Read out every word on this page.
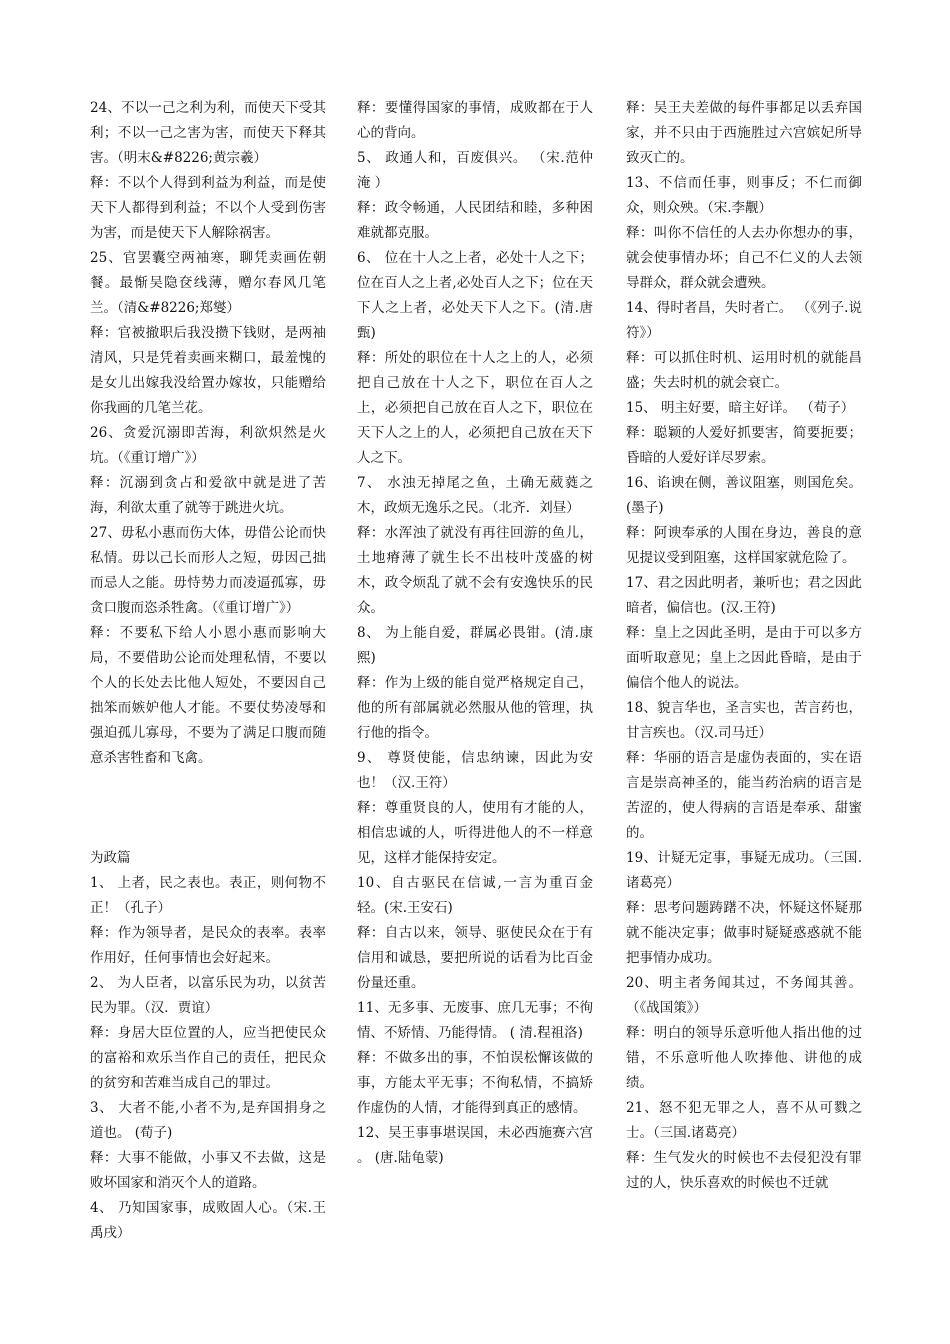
24、不以一己之利为利，而使天下受其利；不以一己之害为害，而使天下释其害。（明末&#8226;黄宗羲）

释：不以个人得到利益为利益，而是使天下人都得到利益；不以个人受到伤害为害，而是使天下人解除祸害。

25、官罢囊空两袖寒，聊凭卖画佐朝餐。最惭吴隐奁线薄，赠尔春风几笔兰。（清&#8226;郑燮）

释：官被撤职后我没攒下钱财，是两袖清风，只是凭着卖画来糊口，最羞愧的是女儿出嫁我没给置办嫁妆，只能赠给你我画的几笔兰花。

26、贪爱沉溺即苦海，利欲炽然是火坑。（《重订增广》）

释：沉溺到贪占和爱欲中就是进了苦海，利欲太重了就等于跳进火坑。

27、毋私小惠而伤大体，毋借公论而快私情。毋以己长而形人之短，毋因己拙而忌人之能。毋恃势力而凌逼孤寡，毋贪口腹而恣杀牲禽。（《重订增广》）

释：不要私下给人小恩小惠而影响大局，不要借助公论而处理私情，不要以个人的长处去比他人短处，不要因自己拙笨而嫉妒他人才能。不要仗势凌辱和强迫孤儿寡母，不要为了满足口腹而随意杀害牲畜和飞禽。

为政篇

1、 上者，民之表也。表正，则何物不正！（孔子）

释：作为领导者，是民众的表率。表率作用好，任何事情也会好起来。

2、 为人臣者，以富乐民为功，以贫苦民为罪。（汉．贾谊）

释：身居大臣位置的人，应当把使民众的富裕和欢乐当作自己的责任，把民众的贫穷和苦难当成自己的罪过。

3、 大者不能,小者不为,是弃国捐身之道也。 (荀子)

释：大事不能做，小事又不去做，这是败坏国家和消灭个人的道路。

4、 乃知国家事，成败固人心。（宋.王禹戌）

释：要懂得国家的事情，成败都在于人心的背向。

5、 政通人和，百废俱兴。 （宋.范仲淹 ）

释：政令畅通，人民团结和睦，多种困难就都克服。

6、 位在十人之上者，必处十人之下；位在百人之上者,必处百人之下；位在天下人之上者，必处天下人之下。(清.唐甄)

释：所处的职位在十人之上的人，必须把自己放在十人之下，职位在百人之上，必须把自己放在百人之下，职位在天下人之上的人，必须把自己放在天下人之下。

7、 水浊无掉尾之鱼，土确无葳蕤之木，政烦无逸乐之民。（北齐．刘昼）

释：水浑浊了就没有再往回游的鱼儿，土地瘠薄了就生长不出枝叶茂盛的树木，政令烦乱了就不会有安逸快乐的民众。

8、 为上能自爱，群属必畏钳。(清.康熙)

释：作为上级的能自觉严格规定自己，他的所有部属就必然服从他的管理，执行他的指令。

9、 尊贤使能，信忠纳谏，因此为安也！（汉.王符）

释：尊重贤良的人，使用有才能的人，相信忠诚的人，听得进他人的不一样意见，这样才能保持安定。

10、自古驱民在信诚,一言为重百金轻。(宋.王安石)

释：自古以来，领导、驱使民众在于有信用和诚恳，要把所说的话看为比百金份量还重。

11、无多事、无废事、庶几无事；不徇情、不矫情、乃能得情。 ( 清.程祖洛)

释：不做多出的事，不怕误松懈该做的事，方能太平无事；不徇私情，不搞矫作虚伪的人情，才能得到真正的感情。

12、吴王事事堪误国，未必西施赛六宫 。 (唐.陆龟蒙)

释：吴王夫差做的每件事都足以丢弃国家，并不只由于西施胜过六宫嫔妃所导致灭亡的。

13、不信而任事，则事反；不仁而御众，则众殃。（宋.李觏）

释：叫你不信任的人去办你想办的事，就会使事情办坏；自己不仁义的人去领导群众，群众就会遭殃。

14、得时者昌，失时者亡。 （《列子.说符》）

释：可以抓住时机、运用时机的就能昌盛；失去时机的就会衰亡。

15、 明主好要，暗主好详。 （荀子）

释：聪颖的人爱好抓要害，简要扼要；昏暗的人爱好详尽罗索。

16、谄谀在侧，善议阻塞，则国危矣。(墨子)

释：阿谀奉承的人围在身边，善良的意见提议受到阻塞，这样国家就危险了。

17、君之因此明者，兼听也；君之因此暗者，偏信也。(汉.王符)

释：皇上之因此圣明，是由于可以多方面听取意见；皇上之因此昏暗，是由于偏信个他人的说法。

18、貌言华也，圣言实也，苦言药也，甘言疾也。（汉.司马迁）

释：华丽的语言是虚伪表面的，实在语言是崇高神圣的，能当药治病的语言是苦涩的，使人得病的言语是奉承、甜蜜的。

19、计疑无定事，事疑无成功。（三国.诸葛亮）

释：思考问题踌躇不决，怀疑这怀疑那就不能决定事；做事时疑疑惑惑就不能把事情办成功。

20、明主者务闻其过，不务闻其善。（《战国策》）

释：明白的领导乐意听他人指出他的过错，不乐意听他人吹捧他、讲他的成绩。

21、怒不犯无罪之人，喜不从可戮之士。（三国.诸葛亮）

释：生气发火的时候也不去侵犯没有罪过的人，快乐喜欢的时候也不迁就
